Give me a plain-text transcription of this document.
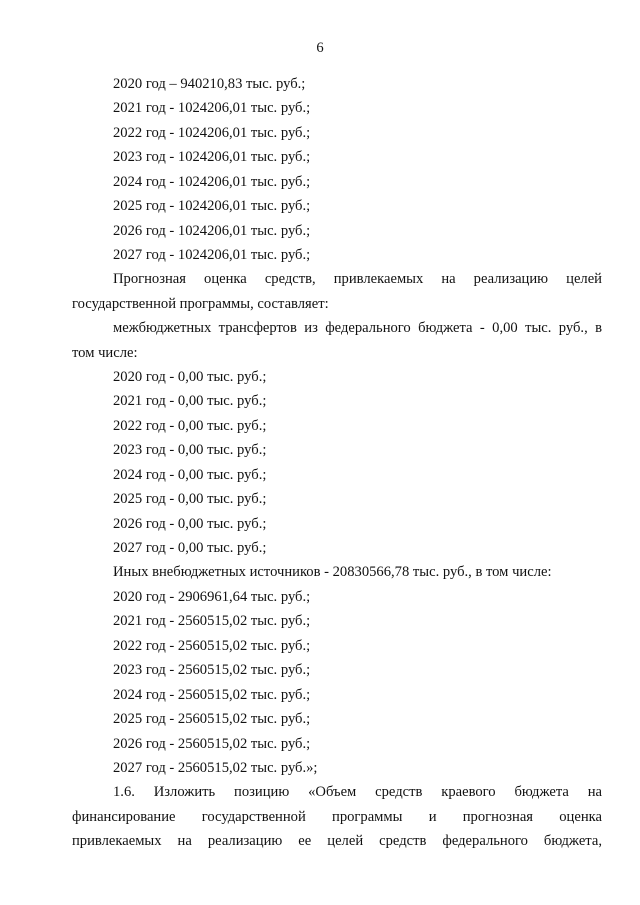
6
2020 год – 940210,83 тыс. руб.;
2021 год - 1024206,01 тыс. руб.;
2022 год - 1024206,01 тыс. руб.;
2023 год - 1024206,01 тыс. руб.;
2024 год - 1024206,01 тыс. руб.;
2025 год - 1024206,01 тыс. руб.;
2026 год - 1024206,01 тыс. руб.;
2027 год - 1024206,01 тыс. руб.;
Прогнозная оценка средств, привлекаемых на реализацию целей
государственной программы, составляет:
межбюджетных трансфертов из федерального бюджета - 0,00 тыс. руб., в
том числе:
2020 год - 0,00 тыс. руб.;
2021 год - 0,00 тыс. руб.;
2022 год - 0,00 тыс. руб.;
2023 год - 0,00 тыс. руб.;
2024 год - 0,00 тыс. руб.;
2025 год - 0,00 тыс. руб.;
2026 год - 0,00 тыс. руб.;
2027 год - 0,00 тыс. руб.;
Иных внебюджетных источников - 20830566,78 тыс. руб., в том числе:
2020 год - 2906961,64 тыс. руб.;
2021 год - 2560515,02 тыс. руб.;
2022 год - 2560515,02 тыс. руб.;
2023 год - 2560515,02 тыс. руб.;
2024 год - 2560515,02 тыс. руб.;
2025 год - 2560515,02 тыс. руб.;
2026 год - 2560515,02 тыс. руб.;
2027 год - 2560515,02 тыс. руб.»;
1.6. Изложить позицию «Объем средств краевого бюджета на
финансирование государственной программы и прогнозная оценка
привлекаемых на реализацию ее целей средств федерального бюджета,
